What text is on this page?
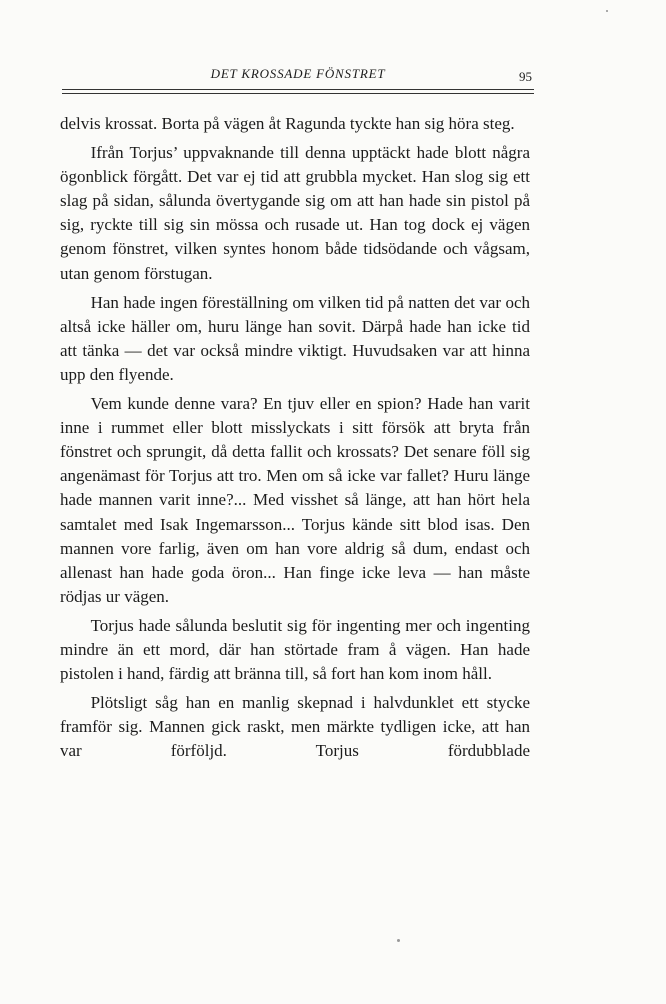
DET KROSSADE FÖNSTRET	95

delvis krossat. Borta på vägen åt Ragunda tyckte han sig höra steg.

Ifrån Torjus’ uppvaknande till denna upptäckt hade blott några ögonblick förgått. Det var ej tid att grubbla mycket. Han slog sig ett slag på sidan, sålunda övertygande sig om att han hade sin pistol på sig, ryckte till sig sin mössa och rusade ut. Han tog dock ej vägen genom fönstret, vilken syntes honom både tidsödande och vågsam, utan genom förstugan.

Han hade ingen föreställning om vilken tid på natten det var och altså icke häller om, huru länge han sovit. Därpå hade han icke tid att tänka — det var också mindre viktigt. Huvudsaken var att hinna upp den flyende.

Vem kunde denne vara? En tjuv eller en spion? Hade han varit inne i rummet eller blott misslyckats i sitt försök att bryta från fönstret och sprungit, då detta fallit och krossats? Det senare föll sig angenämast för Torjus att tro. Men om så icke var fallet? Huru länge hade mannen varit inne?... Med visshet så länge, att han hört hela samtalet med Isak Ingemarsson... Torjus kände sitt blod isas. Den mannen vore farlig, även om han vore aldrig så dum, endast och allenast han hade goda öron... Han finge icke leva — han måste rödjas ur vägen.

Torjus hade sålunda beslutit sig för ingenting mer och ingenting mindre än ett mord, där han störtade fram å vägen. Han hade pistolen i hand, färdig att bränna till, så fort han kom inom håll.

Plötsligt såg han en manlig skepnad i halvdunklet ett stycke framför sig. Mannen gick raskt, men märkte tydligen icke, att han var förföljd. Torjus fördubblade
